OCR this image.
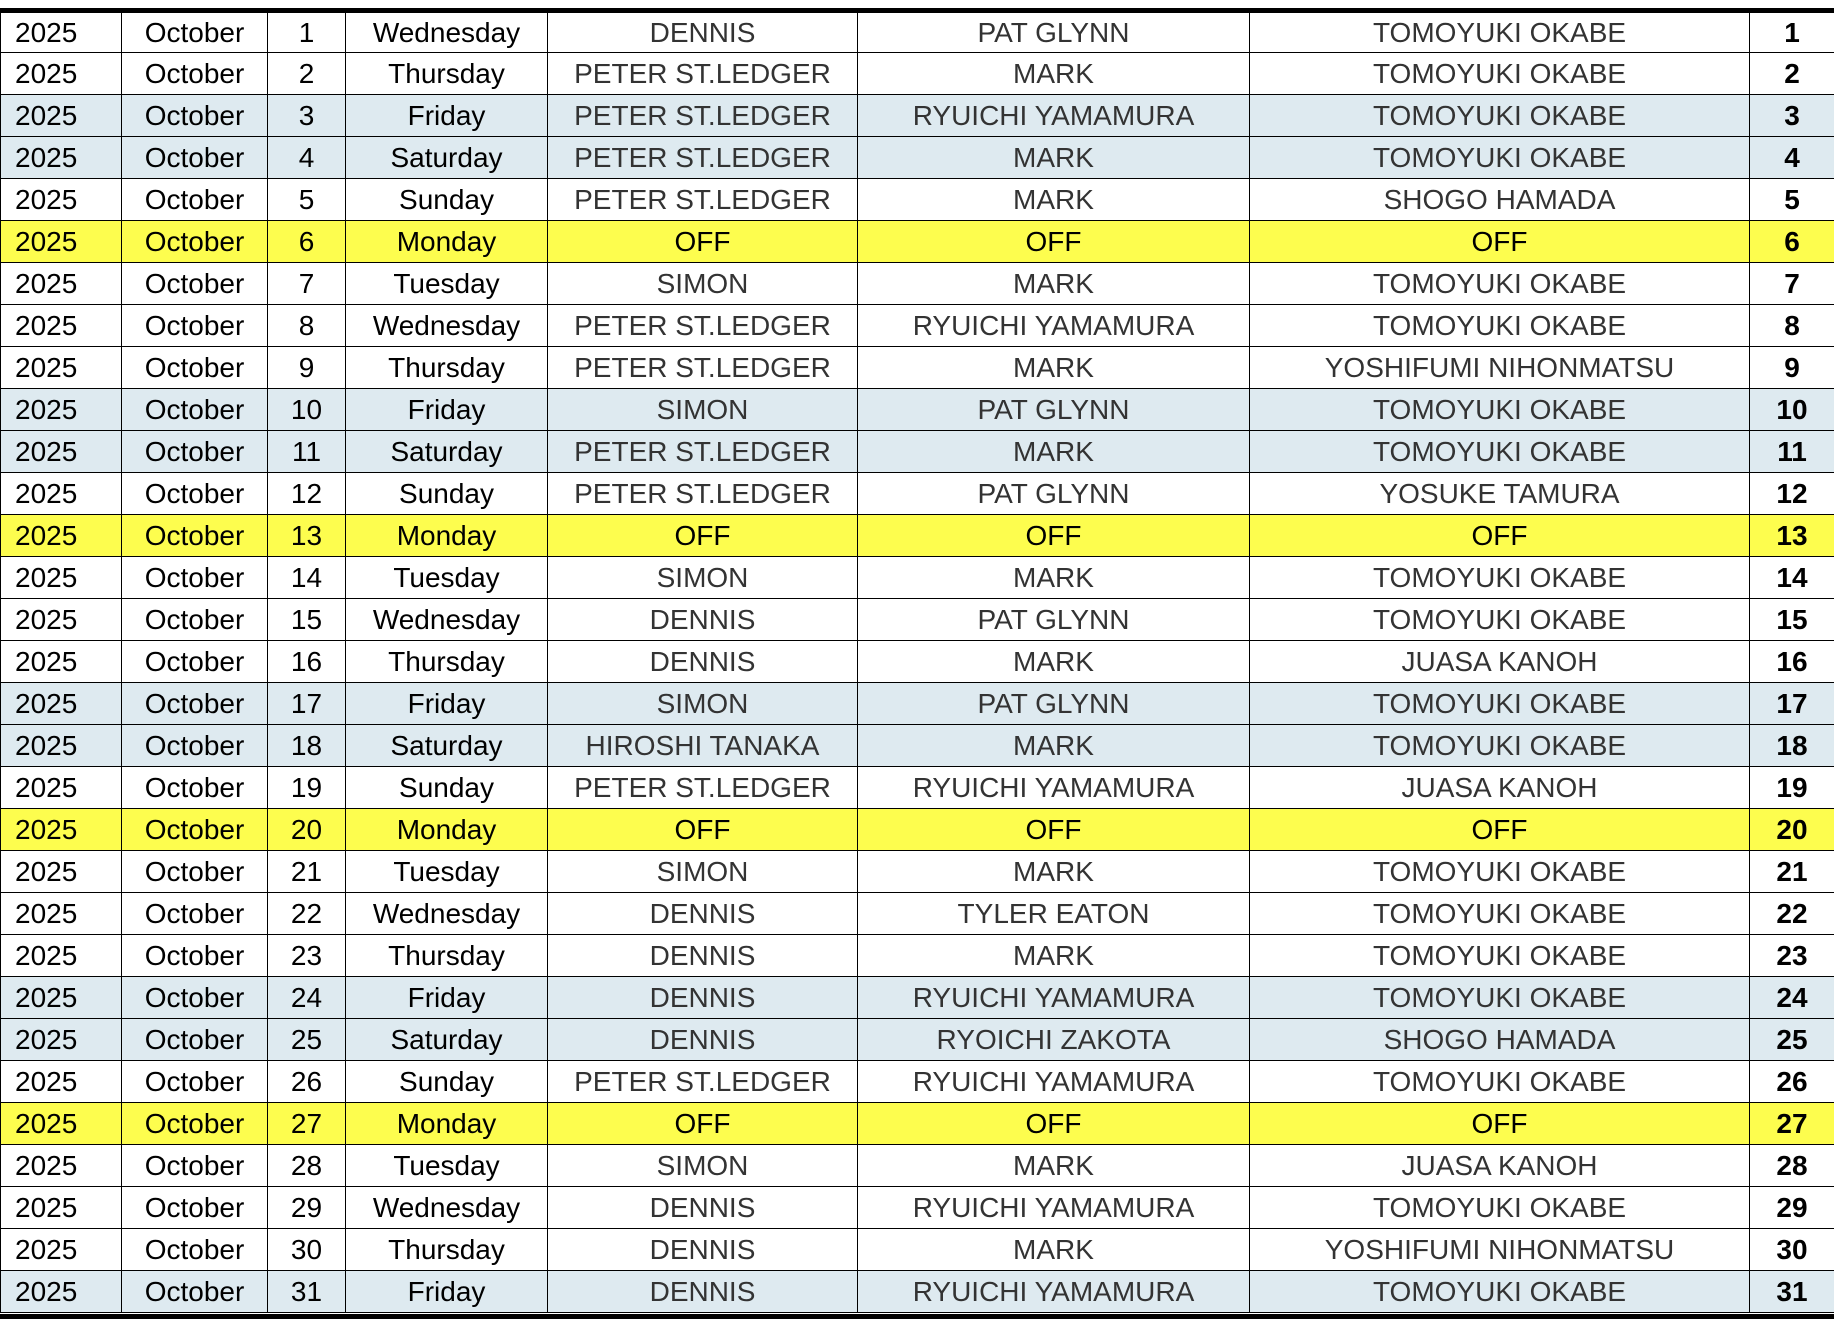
2025	October	1	Wednesday	DENNIS	PAT GLYNN	TOMOYUKI OKABE	1
2025	October	2	Thursday	PETER ST.LEDGER	MARK	TOMOYUKI OKABE	2
2025	October	3	Friday	PETER ST.LEDGER	RYUICHI YAMAMURA	TOMOYUKI OKABE	3
2025	October	4	Saturday	PETER ST.LEDGER	MARK	TOMOYUKI OKABE	4
2025	October	5	Sunday	PETER ST.LEDGER	MARK	SHOGO HAMADA	5
2025	October	6	Monday	OFF	OFF	OFF	6
2025	October	7	Tuesday	SIMON	MARK	TOMOYUKI OKABE	7
2025	October	8	Wednesday	PETER ST.LEDGER	RYUICHI YAMAMURA	TOMOYUKI OKABE	8
2025	October	9	Thursday	PETER ST.LEDGER	MARK	YOSHIFUMI NIHONMATSU	9
2025	October	10	Friday	SIMON	PAT GLYNN	TOMOYUKI OKABE	10
2025	October	11	Saturday	PETER ST.LEDGER	MARK	TOMOYUKI OKABE	11
2025	October	12	Sunday	PETER ST.LEDGER	PAT GLYNN	YOSUKE TAMURA	12
2025	October	13	Monday	OFF	OFF	OFF	13
2025	October	14	Tuesday	SIMON	MARK	TOMOYUKI OKABE	14
2025	October	15	Wednesday	DENNIS	PAT GLYNN	TOMOYUKI OKABE	15
2025	October	16	Thursday	DENNIS	MARK	JUASA KANOH	16
2025	October	17	Friday	SIMON	PAT GLYNN	TOMOYUKI OKABE	17
2025	October	18	Saturday	HIROSHI TANAKA	MARK	TOMOYUKI OKABE	18
2025	October	19	Sunday	PETER ST.LEDGER	RYUICHI YAMAMURA	JUASA KANOH	19
2025	October	20	Monday	OFF	OFF	OFF	20
2025	October	21	Tuesday	SIMON	MARK	TOMOYUKI OKABE	21
2025	October	22	Wednesday	DENNIS	TYLER EATON	TOMOYUKI OKABE	22
2025	October	23	Thursday	DENNIS	MARK	TOMOYUKI OKABE	23
2025	October	24	Friday	DENNIS	RYUICHI YAMAMURA	TOMOYUKI OKABE	24
2025	October	25	Saturday	DENNIS	RYOICHI ZAKOTA	SHOGO HAMADA	25
2025	October	26	Sunday	PETER ST.LEDGER	RYUICHI YAMAMURA	TOMOYUKI OKABE	26
2025	October	27	Monday	OFF	OFF	OFF	27
2025	October	28	Tuesday	SIMON	MARK	JUASA KANOH	28
2025	October	29	Wednesday	DENNIS	RYUICHI YAMAMURA	TOMOYUKI OKABE	29
2025	October	30	Thursday	DENNIS	MARK	YOSHIFUMI NIHONMATSU	30
2025	October	31	Friday	DENNIS	RYUICHI YAMAMURA	TOMOYUKI OKABE	31
